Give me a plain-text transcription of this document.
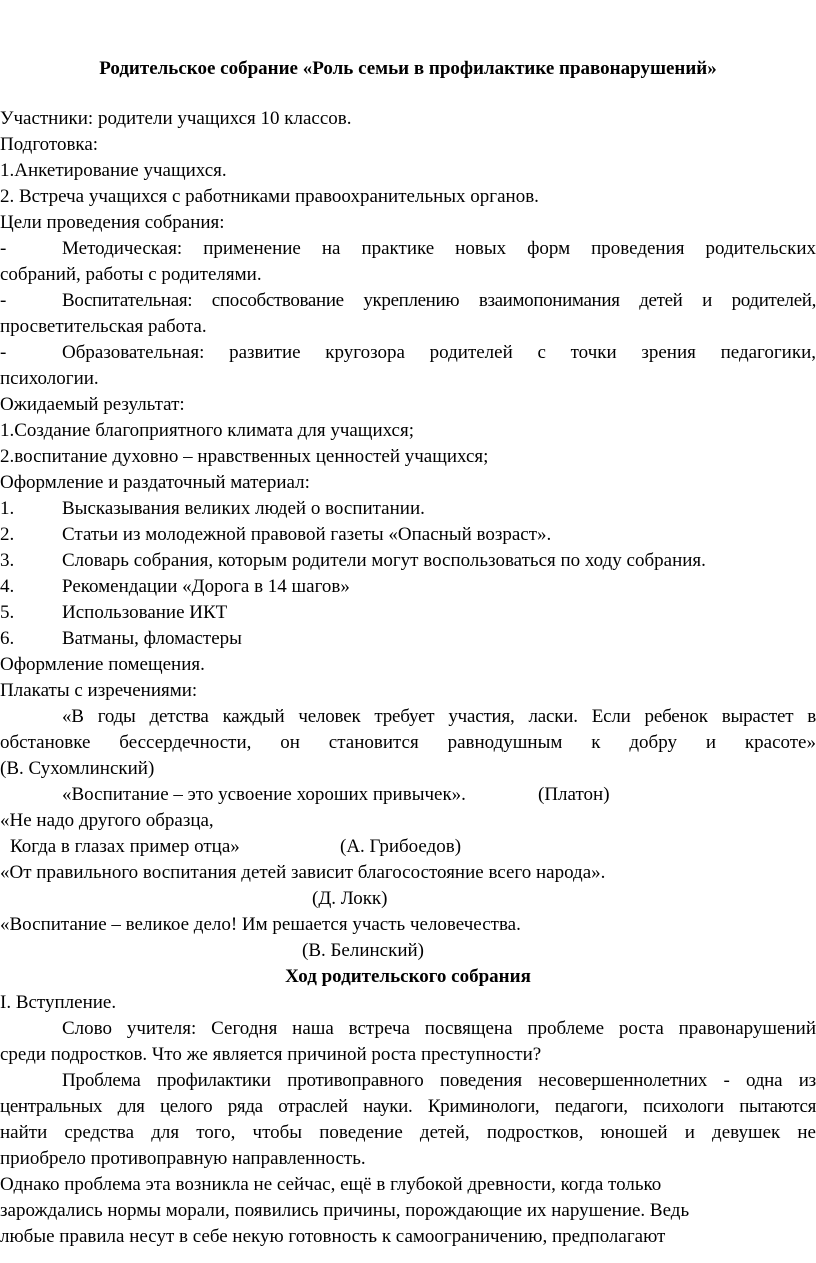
Родительское собрание «Роль семьи в профилактике правонарушений»
Участники: родители учащихся 10 классов.
Подготовка:
1.Анкетирование учащихся.
2. Встреча учащихся с работниками правоохранительных органов.
Цели проведения собрания:
-	Методическая: применение на практике новых форм проведения родительских
собраний, работы с родителями.
-	Воспитательная: способствование укреплению взаимопонимания детей и родителей,
просветительская работа.
-	Образовательная: развитие кругозора родителей с точки зрения педагогики,
психологии.
Ожидаемый результат:
1.Создание благоприятного климата для учащихся;
2.воспитание духовно – нравственных ценностей учащихся;
Оформление и раздаточный материал:
1.	Высказывания великих людей о воспитании.
2.	Статьи из молодежной правовой газеты «Опасный возраст».
3.	Словарь собрания, которым родители могут воспользоваться по ходу собрания.
4.	Рекомендации «Дорога в 14 шагов»
5.	Использование ИКТ
6.	Ватманы, фломастеры
Оформление помещения.
Плакаты с изречениями:
«В годы детства каждый человек требует участия, ласки. Если ребенок вырастет в
обстановке бессердечности, он становится равнодушным к добру и красоте»
(В. Сухомлинский)
«Воспитание – это усвоение хороших привычек».	(Платон)
«Не надо другого образца,
Когда в глазах пример отца»	(А. Грибоедов)
«От правильного воспитания детей зависит благосостояние всего народа».
(Д. Локк)
«Воспитание – великое дело! Им решается участь человечества.
(В. Белинский)
Ход родительского собрания
I. Вступление.
Слово учителя: Сегодня наша встреча посвящена проблеме роста правонарушений
среди подростков. Что же является причиной роста преступности?
Проблема профилактики противоправного поведения несовершеннолетних - одна из
центральных для целого ряда отраслей науки. Криминологи, педагоги, психологи пытаются
найти средства для того, чтобы поведение детей, подростков, юношей и девушек не
приобрело противоправную направленность.
Однако проблема эта возникла не сейчас, ещё в глубокой древности, когда только
зарождались нормы морали, появились причины, порождающие их нарушение. Ведь
любые правила несут в себе некую готовность к самоограничению, предполагают
